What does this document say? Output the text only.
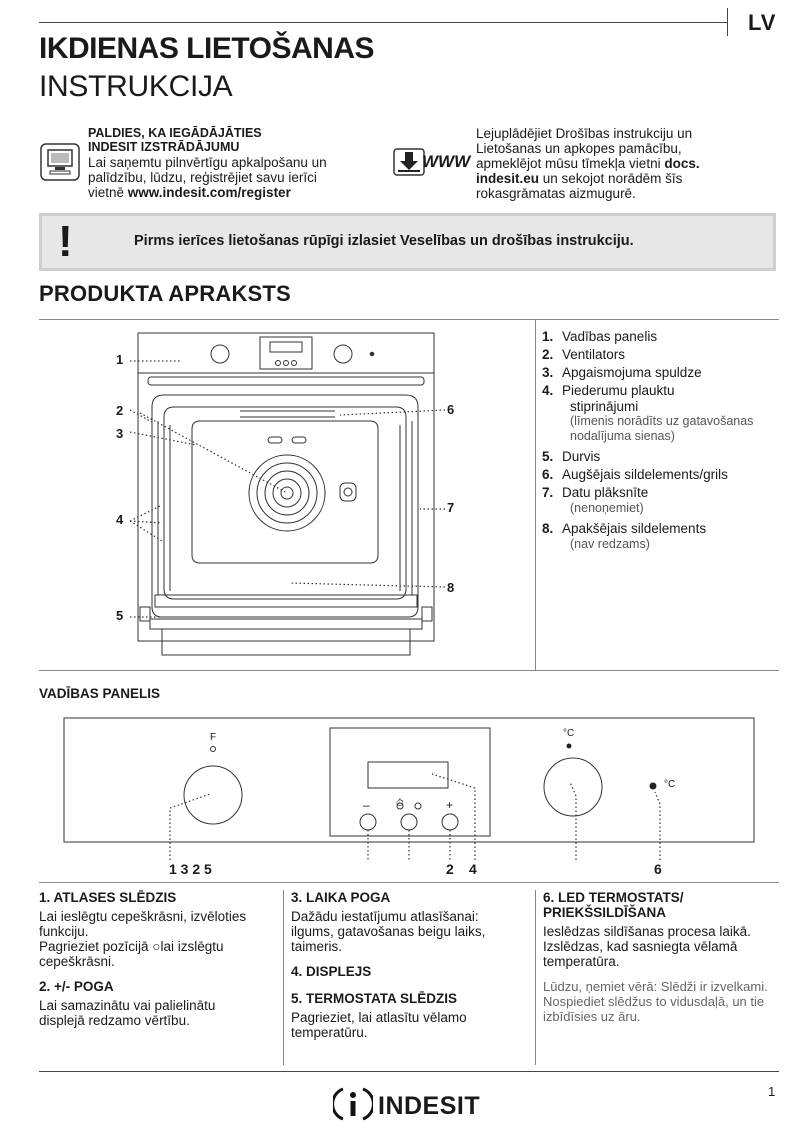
LV
IKDIENAS LIETOŠANAS
INSTRUKCIJA
PALDIES, KA IEGĀDĀJĀTIES
INDESIT IZSTRĀDĀJUMU
Lai saņemtu pilnvērtīgu apkalpošanu un
palīdzību, lūdzu, reģistrējiet savu ierīci
vietnē www.indesit.com/register
WWW
Lejuplādējiet Drošības instrukciju un
Lietošanas un apkopes pamācību,
apmeklējot mūsu tīmekļa vietni docs.
indesit.eu un sekojot norādēm šīs
rokasgrāmatas aizmugurē.
!	Pirms ierīces lietošanas rūpīgi izlasiet Veselības un drošības instrukciju.
PRODUKTA APRAKSTS
1
2
3
4
5
6
7
8
1. Vadības panelis
2. Ventilators
3. Apgaismojuma spuldze
4. Piederumu plauktu
stiprinājumi
(līmenis norādīts uz gatavošanas
nodalījuma sienas)
5. Durvis
6. Augšējais sildelements/grils
7. Datu plāksnīte
(nenoņemiet)
8. Apakšējais sildelements
(nav redzams)
VADĪBAS PANELIS
F	°C
°C
–	+
⏱
1 3 2 5	2 4	6
1. ATLASES SLĒDZIS

Lai ieslēgtu cepeškrāsni, izvēloties
funkciju.
Pagrieziet pozīcijā ○lai izslēgtu
cepeškrāsni.

2. +/- POGA

Lai samazinātu vai palielinātu
displejā redzamo vērtību.

3. LAIKA POGA

Dažādu iestatījumu atlasīšanai:
ilgums, gatavošanas beigu laiks,
taimeris.

4. DISPLEJS
5. TERMOSTATA SLĒDZIS

Pagrieziet, lai atlasītu vēlamo
temperatūru.

6. LED TERMOSTATS/
PRIEKŠSILDĪŠANA

Ieslēdzas sildīšanas procesa laikā.
Izslēdzas, kad sasniegta vēlamā
temperatūra.

Lūdzu, ņemiet vērā: Slēdži ir izvelkami.
Nospiediet slēdžus to vidusdaļā, un tie
izbīdīsies uz āru.

INDESIT
1
